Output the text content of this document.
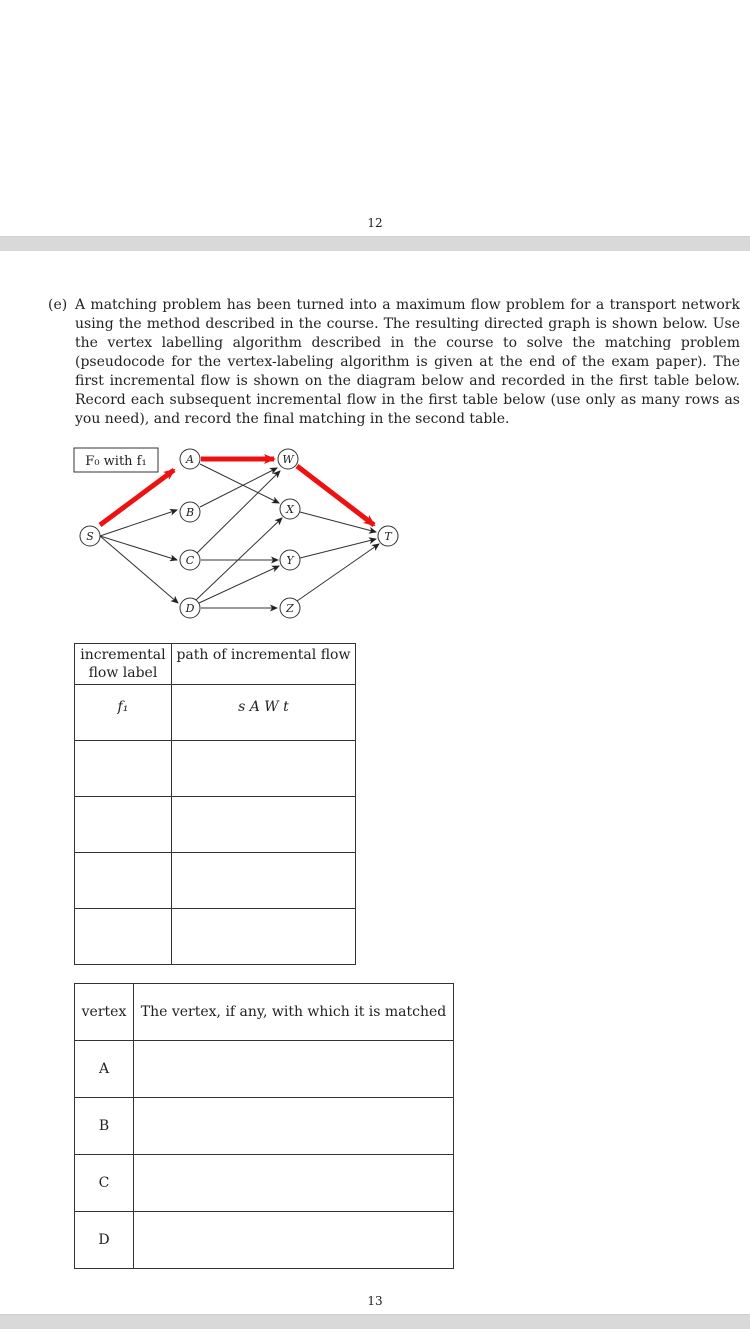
12
(e) A matching problem has been turned into a maximum flow problem for a transport network using the method described in the course. The resulting directed graph is shown below. Use the vertex labelling algorithm described in the course to solve the matching problem (pseudocode for the vertex-labeling algorithm is given at the end of the exam paper). The first incremental flow is shown on the diagram below and recorded in the first table below. Record each subsequent incremental flow in the first table below (use only as many rows as you need), and record the final matching in the second table.
F₀ with f₁
S
A
B
C
D
W
X
Y
Z
T
incremental flow label	path of incremental flow
f₁	s A W t

vertex	The vertex, if any, with which it is matched
A	
B	
C	
D	
13
